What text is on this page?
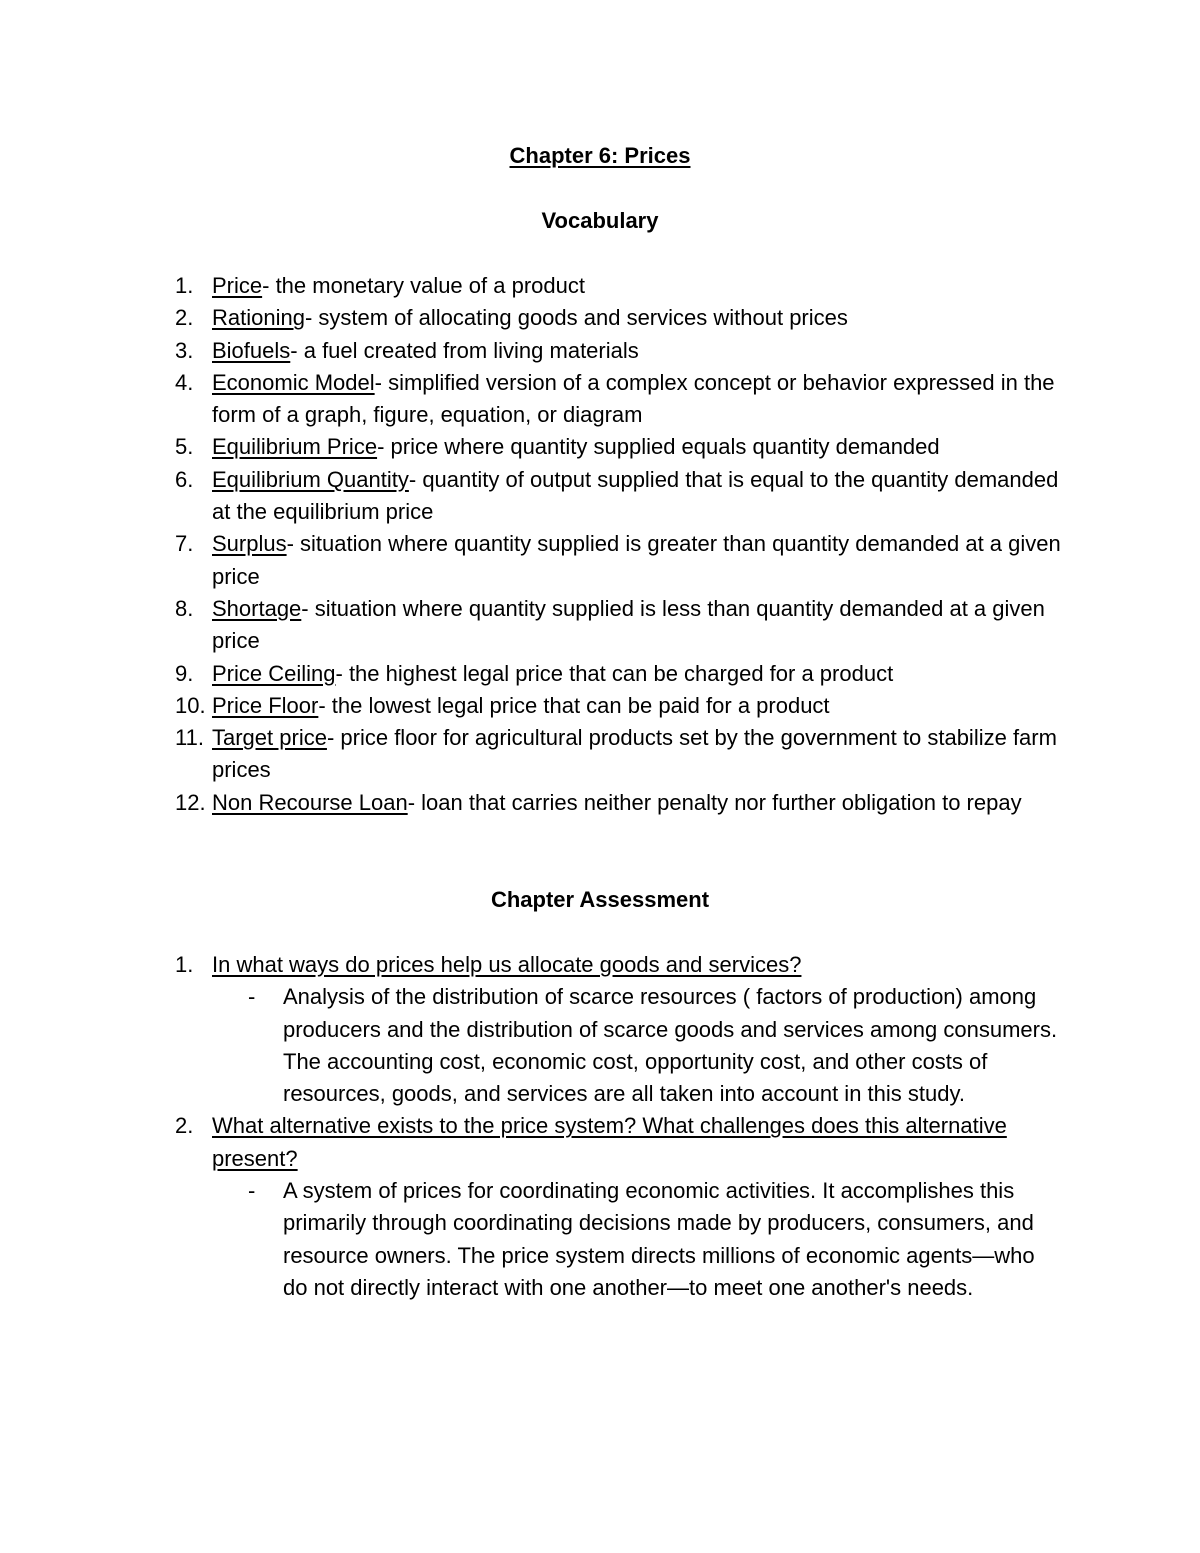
Chapter 6: Prices
Vocabulary
1. Price- the monetary value of a product
2. Rationing- system of allocating goods and services without prices
3. Biofuels- a fuel created from living materials
4. Economic Model- simplified version of a complex concept or behavior expressed in the form of a graph, figure, equation, or diagram
5. Equilibrium Price- price where quantity supplied equals quantity demanded
6. Equilibrium Quantity- quantity of output supplied that is equal to the quantity demanded at the equilibrium price
7. Surplus- situation where quantity supplied is greater than quantity demanded at a given price
8. Shortage- situation where quantity supplied is less than quantity demanded at a given price
9. Price Ceiling- the highest legal price that can be charged for a product
10. Price Floor- the lowest legal price that can be paid for a product
11. Target price- price floor for agricultural products set by the government to stabilize farm prices
12. Non Recourse Loan- loan that carries neither penalty nor further obligation to repay
Chapter Assessment
1. In what ways do prices help us allocate goods and services?
- Analysis of the distribution of scarce resources ( factors of production) among producers and the distribution of scarce goods and services among consumers. The accounting cost, economic cost, opportunity cost, and other costs of resources, goods, and services are all taken into account in this study.
2. What alternative exists to the price system? What challenges does this alternative present?
- A system of prices for coordinating economic activities. It accomplishes this primarily through coordinating decisions made by producers, consumers, and resource owners. The price system directs millions of economic agents—who do not directly interact with one another—to meet one another's needs.
